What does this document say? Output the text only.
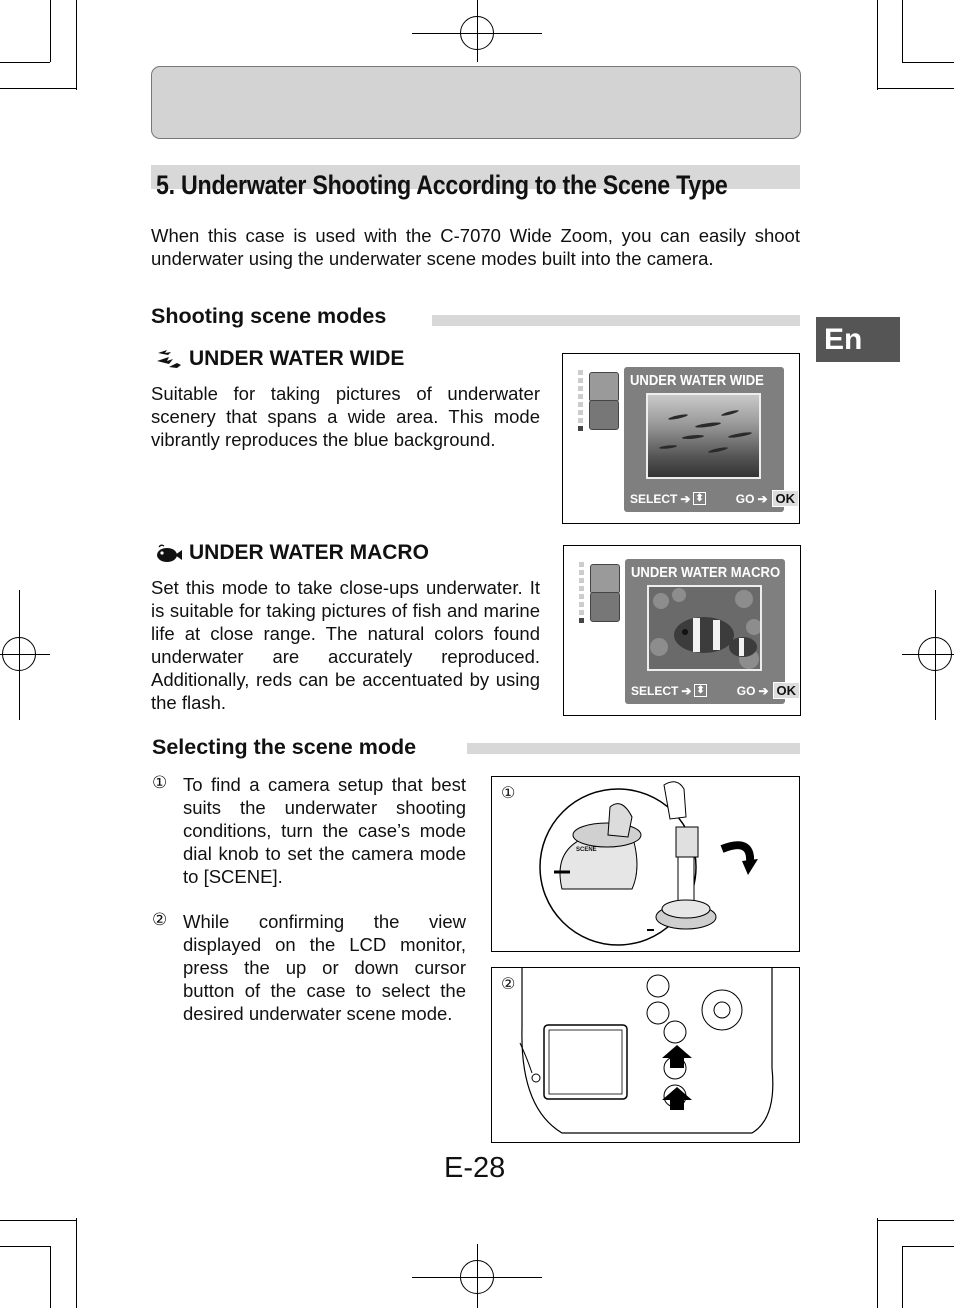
5. Underwater Shooting According to the Scene Type

When this case is used with the C-7070 Wide Zoom, you can easily shoot underwater using the underwater scene modes built into the camera.

En
Shooting scene modes
UNDER WATER WIDE

Suitable for taking pictures of underwater scenery that spans a wide area. This mode vibrantly reproduces the blue background.

UNDER WATER WIDE
SELECT ➔ ⬍	GO ➔ OK
UNDER WATER MACRO

Set this mode to take close-ups underwater. It is suitable for taking pictures of fish and marine life at close range. The natural colors found underwater are accurately reproduced. Additionally, reds can be accentuated by using the flash.

UNDER WATER MACRO
SELECT ➔ ⬍	GO ➔ OK
Selecting the scene mode
① To find a camera setup that best suits the underwater shooting conditions, turn the case’s mode dial knob to set the camera mode to [SCENE].

② While confirming the view displayed on the LCD monitor, press the up or down cursor button of the case to select the desired underwater scene mode.

①
SCENE
②
E-28
